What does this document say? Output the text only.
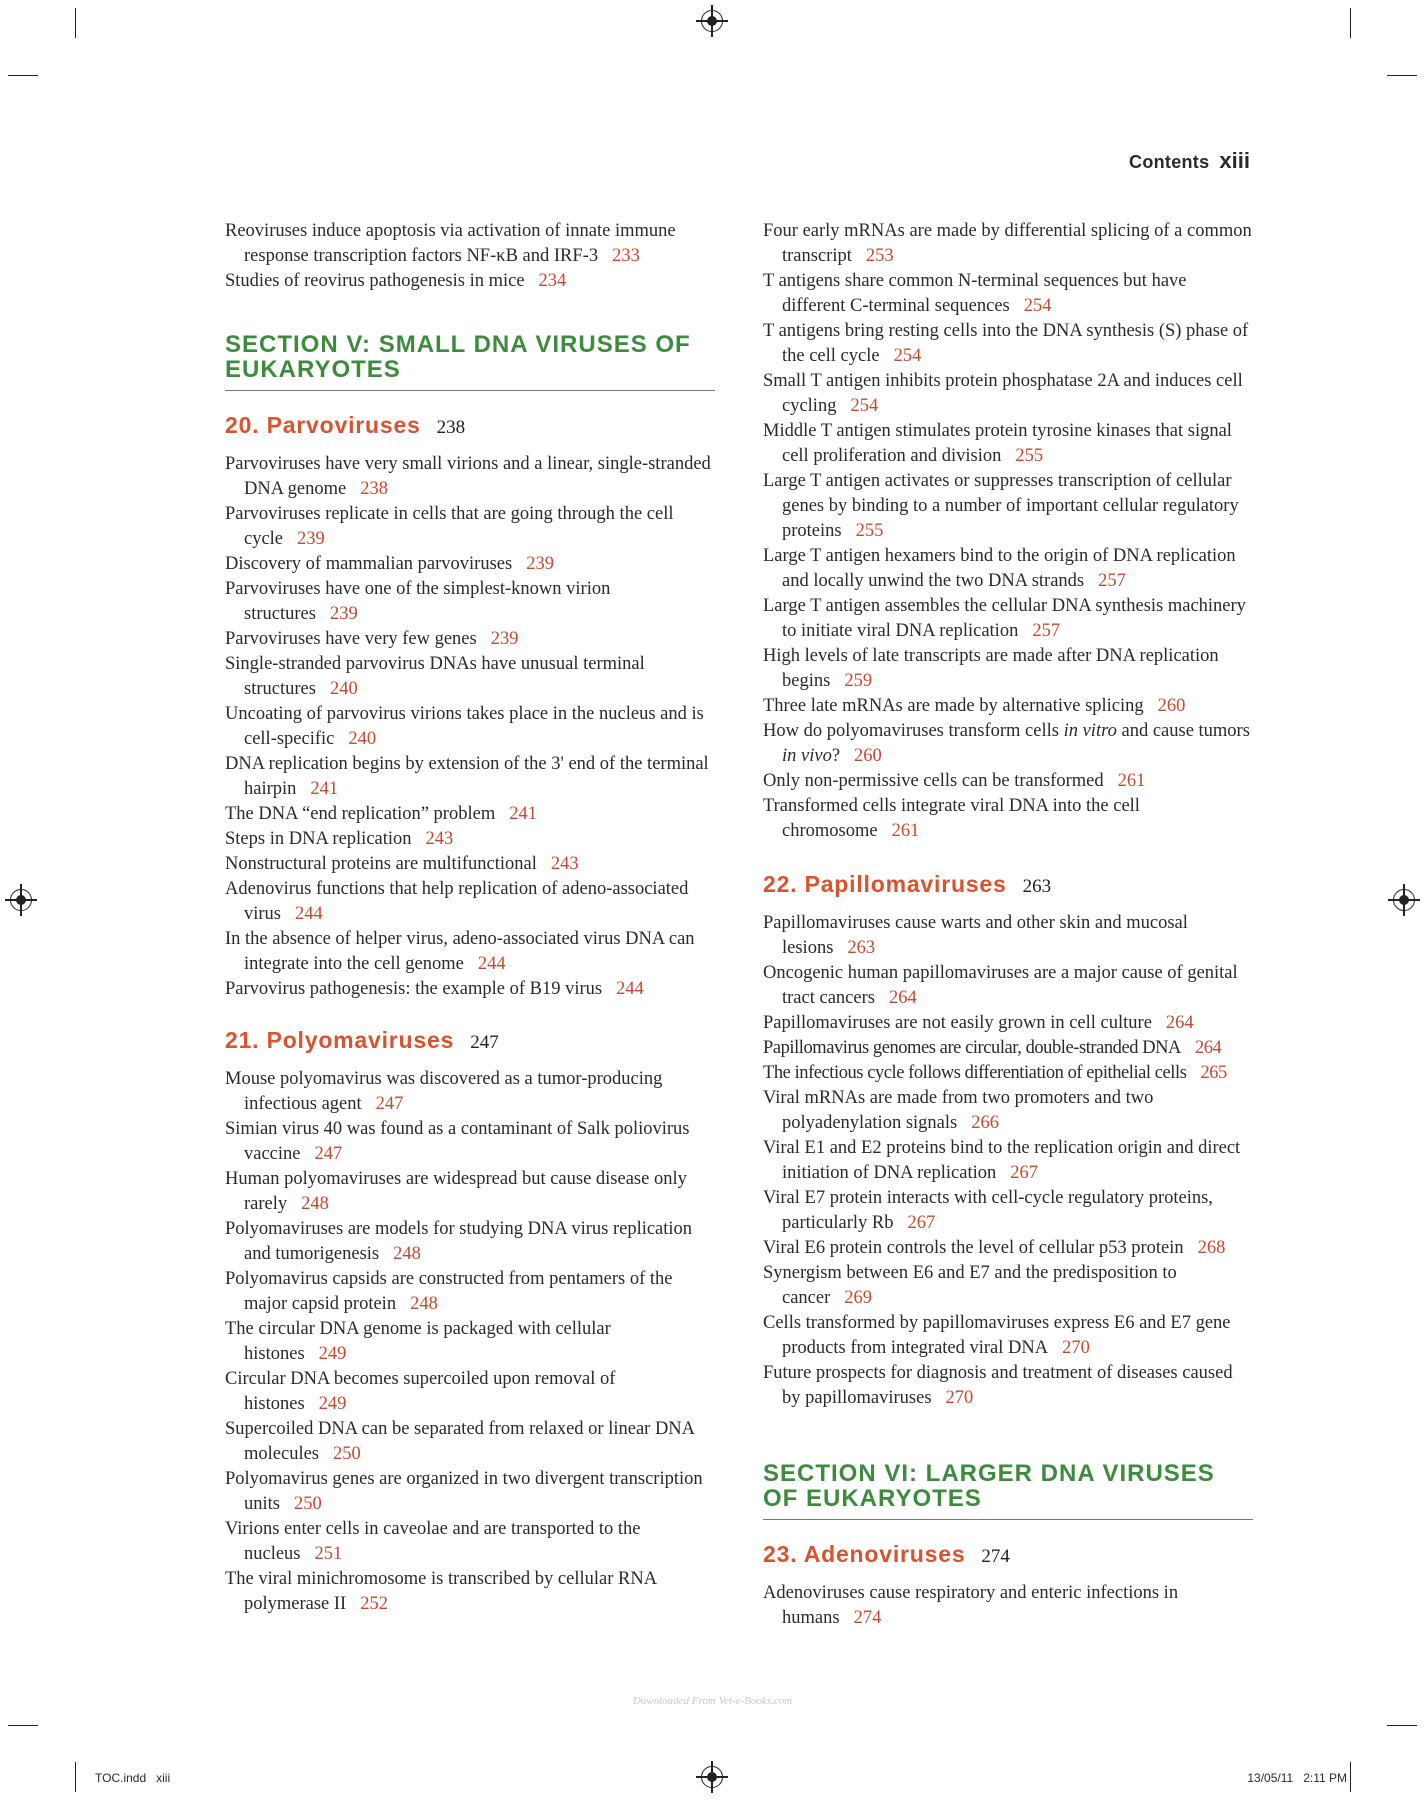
Contents xiii
Reoviruses induce apoptosis via activation of innate immune response transcription factors NF-κB and IRF-3 233
Studies of reovirus pathogenesis in mice 234
SECTION V: SMALL DNA VIRUSES OF EUKARYOTES
20. Parvoviruses 238
Parvoviruses have very small virions and a linear, single-stranded DNA genome 238
Parvoviruses replicate in cells that are going through the cell cycle 239
Discovery of mammalian parvoviruses 239
Parvoviruses have one of the simplest-known virion structures 239
Parvoviruses have very few genes 239
Single-stranded parvovirus DNAs have unusual terminal structures 240
Uncoating of parvovirus virions takes place in the nucleus and is cell-specific 240
DNA replication begins by extension of the 3' end of the terminal hairpin 241
The DNA “end replication” problem 241
Steps in DNA replication 243
Nonstructural proteins are multifunctional 243
Adenovirus functions that help replication of adeno-associated virus 244
In the absence of helper virus, adeno-associated virus DNA can integrate into the cell genome 244
Parvovirus pathogenesis: the example of B19 virus 244
21. Polyomaviruses 247
Mouse polyomavirus was discovered as a tumor-producing infectious agent 247
Simian virus 40 was found as a contaminant of Salk poliovirus vaccine 247
Human polyomaviruses are widespread but cause disease only rarely 248
Polyomaviruses are models for studying DNA virus replication and tumorigenesis 248
Polyomavirus capsids are constructed from pentamers of the major capsid protein 248
The circular DNA genome is packaged with cellular histones 249
Circular DNA becomes supercoiled upon removal of histones 249
Supercoiled DNA can be separated from relaxed or linear DNA molecules 250
Polyomavirus genes are organized in two divergent transcription units 250
Virions enter cells in caveolae and are transported to the nucleus 251
The viral minichromosome is transcribed by cellular RNA polymerase II 252
Four early mRNAs are made by differential splicing of a common transcript 253
T antigens share common N-terminal sequences but have different C-terminal sequences 254
T antigens bring resting cells into the DNA synthesis (S) phase of the cell cycle 254
Small T antigen inhibits protein phosphatase 2A and induces cell cycling 254
Middle T antigen stimulates protein tyrosine kinases that signal cell proliferation and division 255
Large T antigen activates or suppresses transcription of cellular genes by binding to a number of important cellular regulatory proteins 255
Large T antigen hexamers bind to the origin of DNA replication and locally unwind the two DNA strands 257
Large T antigen assembles the cellular DNA synthesis machinery to initiate viral DNA replication 257
High levels of late transcripts are made after DNA replication begins 259
Three late mRNAs are made by alternative splicing 260
How do polyomaviruses transform cells in vitro and cause tumors in vivo? 260
Only non-permissive cells can be transformed 261
Transformed cells integrate viral DNA into the cell chromosome 261
22. Papillomaviruses 263
Papillomaviruses cause warts and other skin and mucosal lesions 263
Oncogenic human papillomaviruses are a major cause of genital tract cancers 264
Papillomaviruses are not easily grown in cell culture 264
Papillomavirus genomes are circular, double-stranded DNA 264
The infectious cycle follows differentiation of epithelial cells 265
Viral mRNAs are made from two promoters and two polyadenylation signals 266
Viral E1 and E2 proteins bind to the replication origin and direct initiation of DNA replication 267
Viral E7 protein interacts with cell-cycle regulatory proteins, particularly Rb 267
Viral E6 protein controls the level of cellular p53 protein 268
Synergism between E6 and E7 and the predisposition to cancer 269
Cells transformed by papillomaviruses express E6 and E7 gene products from integrated viral DNA 270
Future prospects for diagnosis and treatment of diseases caused by papillomaviruses 270
SECTION VI: LARGER DNA VIRUSES OF EUKARYOTES
23. Adenoviruses 274
Adenoviruses cause respiratory and enteric infections in humans 274
Downloaded From Vet-e-Books.com
TOC.indd   xiii	13/05/11   2:11 PM
